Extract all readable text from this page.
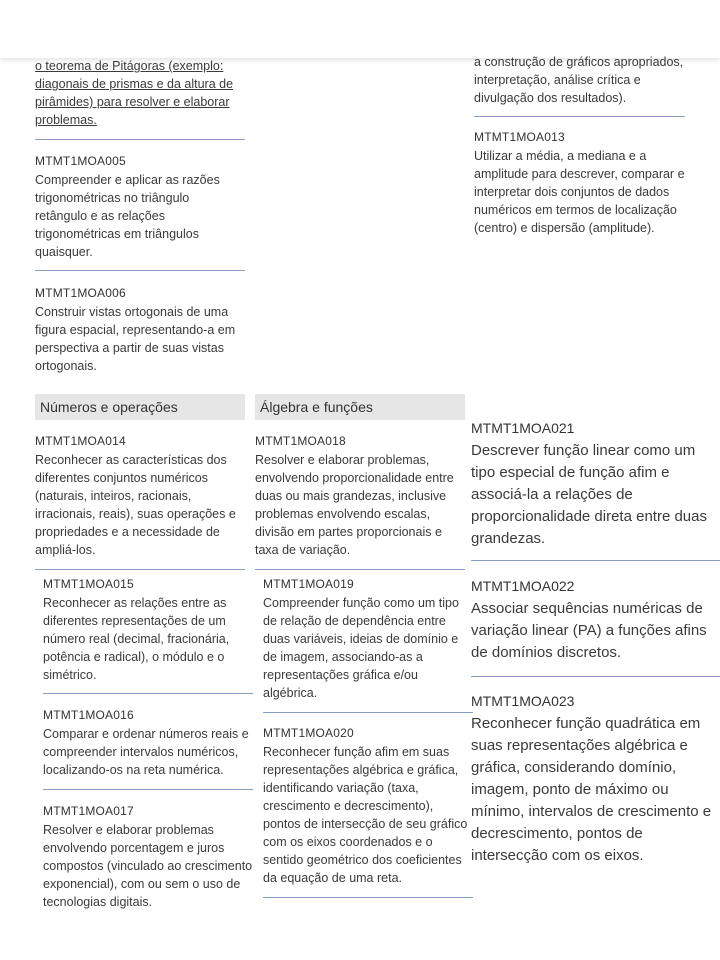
o teorema de Pitágoras (exemplo: diagonais de prismas e da altura de pirâmides) para resolver e elaborar problemas.
MTMT1MOA005
Compreender e aplicar as razões trigonométricas no triângulo retângulo e as relações trigonométricas em triângulos quaisquer.
MTMT1MOA006
Construir vistas ortogonais de uma figura espacial, representando-a em perspectiva a partir de suas vistas ortogonais.
a construção de gráficos apropriados, interpretação, análise crítica e divulgação dos resultados).
MTMT1MOA013
Utilizar a média, a mediana e a amplitude para descrever, comparar e interpretar dois conjuntos de dados numéricos em termos de localização (centro) e dispersão (amplitude).
Números e operações	Álgebra e funções
MTMT1MOA014
Reconhecer as características dos diferentes conjuntos numéricos (naturais, inteiros, racionais, irracionais, reais), suas operações e propriedades e a necessidade de ampliá-los.
MTMT1MOA015
Reconhecer as relações entre as diferentes representações de um número real (decimal, fracionária, potência e radical), o módulo e o simétrico.
MTMT1MOA016
Comparar e ordenar números reais e compreender intervalos numéricos, localizando-os na reta numérica.
MTMT1MOA017
Resolver e elaborar problemas envolvendo porcentagem e juros compostos (vinculado ao crescimento exponencial), com ou sem o uso de tecnologias digitais.
MTMT1MOA018
Resolver e elaborar problemas, envolvendo proporcionalidade entre duas ou mais grandezas, inclusive problemas envolvendo escalas, divisão em partes proporcionais e taxa de variação.
MTMT1MOA019
Compreender função como um tipo de relação de dependência entre duas variáveis, ideias de domínio e de imagem, associando-as a representações gráfica e/ou algébrica.
MTMT1MOA020
Reconhecer função afim em suas representações algébrica e gráfica, identificando variação (taxa, crescimento e decrescimento), pontos de intersecção de seu gráfico com os eixos coordenados e o sentido geométrico dos coeficientes da equação de uma reta.
MTMT1MOA021
Descrever função linear como um tipo especial de função afim e associá-la a relações de proporcionalidade direta entre duas grandezas.
MTMT1MOA022
Associar sequências numéricas de variação linear (PA) a funções afins de domínios discretos.
MTMT1MOA023
Reconhecer função quadrática em suas representações algébrica e gráfica, considerando domínio, imagem, ponto de máximo ou mínimo, intervalos de crescimento e decrescimento, pontos de intersecção com os eixos.
